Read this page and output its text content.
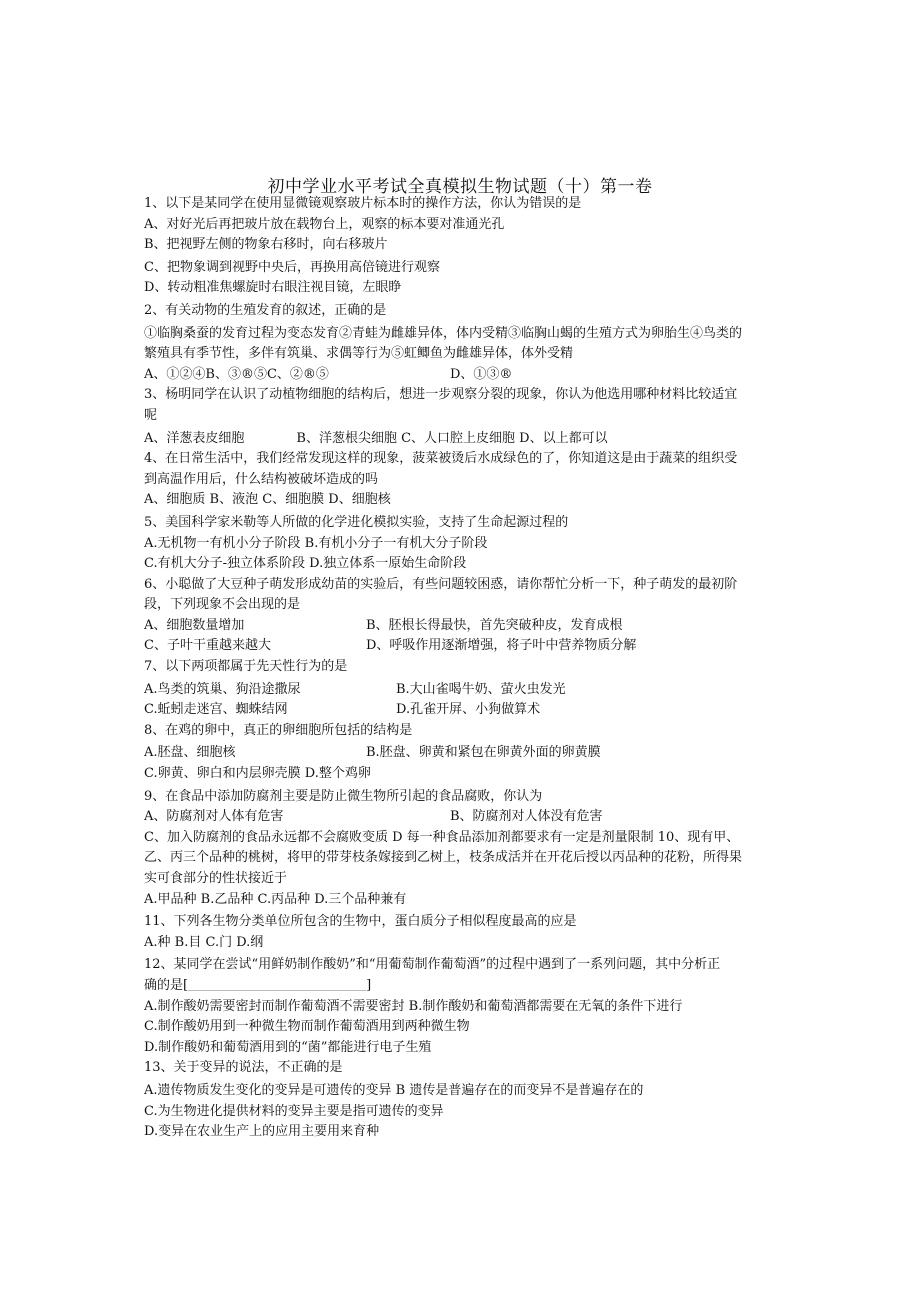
初中学业水平考试全真模拟生物试题（十）第一卷
1、以下是某同学在使用显微镜观察玻片标本时的操作方法，你认为错误的是
A、对好光后再把玻片放在载物台上，观察的标本要对准通光孔
B、把视野左侧的物象右移时，向右移玻片
C、把物象调到视野中央后，再换用高倍镜进行观察
D、转动粗准焦螺旋时右眼注视目镜，左眼睁
2、有关动物的生殖发育的叙述，正确的是
①临胸桑蚕的发育过程为变态发育②青蛙为雌雄异体，体内受精③临胸山蝎的生殖方式为卵胎生④鸟类的
繁殖具有季节性，多伴有筑巢、求偶等行为⑤虹鲫鱼为雌雄异体，体外受精
A、①②④B、③®⑤C、②®⑤	D、①③®
3、杨明同学在认识了动植物细胞的结构后，想进一步观察分裂的现象，你认为他选用哪种材料比较适宜
呢
A、洋葱表皮细胞　　　　B、洋葱根尖细胞 C、人口腔上皮细胞 D、以上都可以
4、在日常生活中，我们经常发现这样的现象，菠菜被烫后水成绿色的了，你知道这是由于蔬菜的组织受
到高温作用后，什么结构被破坏造成的吗
A、细胞质 B、液泡 C、细胞膜 D、细胞核
5、美国科学家米勒等人所做的化学进化模拟实验，支持了生命起源过程的
A.无机物一有机小分子阶段 B.有机小分子一有机大分子阶段
C.有机大分子-独立体系阶段 D.独立体系一原始生命阶段
6、小聪做了大豆种子萌发形成幼苗的实验后，有些问题较困惑，请你帮忙分析一下，种子萌发的最初阶
段，下列现象不会出现的是
A、细胞数量增加	B、胚根长得最快，首先突破种皮，发育成根
C、子叶干重越来越大	D、呼吸作用逐渐增强，将子叶中营养物质分解
7、以下两项都属于先天性行为的是
A.鸟类的筑巢、狗沿途撒尿	B.大山雀喝牛奶、萤火虫发光
C.蚯蚓走迷宫、蜘蛛结网	D.孔雀开屏、小狗做算术
8、在鸡的卵中，真正的卵细胞所包括的结构是
A.胚盘、细胞核	B.胚盘、卵黄和紧包在卵黄外面的卵黄膜
C.卵黄、卵白和内层卵壳膜 D.整个鸡卵
9、在食品中添加防腐剂主要是防止微生物所引起的食品腐败，你认为
A、防腐剂对人体有危害	B、防腐剂对人体没有危害
C、加入防腐剂的食品永远都不会腐败变质 D 每一种食品添加剂都要求有一定是剂量限制 10、现有甲、
乙、丙三个品种的桃树，将甲的带芽枝条嫁接到乙树上，枝条成活并在开花后授以丙品种的花粉，所得果
实可食部分的性状接近于
A.甲品种 B.乙品种 C.丙品种 D.三个品种兼有
11、下列各生物分类单位所包含的生物中，蛋白质分子相似程度最高的应是
A.种 B.目 C.门 D.纲
12、某同学在尝试“用鲜奶制作酸奶”和“用葡萄制作葡萄酒”的过程中遇到了一系列问题，其中分析正
确的是[	]
A.制作酸奶需要密封而制作葡萄酒不需要密封 B.制作酸奶和葡萄酒都需要在无氧的条件下进行
C.制作酸奶用到一种微生物而制作葡萄酒用到两种微生物
D.制作酸奶和葡萄酒用到的“菌”都能进行电子生殖
13、关于变异的说法，不正确的是
A.遗传物质发生变化的变异是可遗传的变异 B 遗传是普遍存在的而变异不是普遍存在的
C.为生物进化提供材料的变异主要是指可遗传的变异
D.变异在农业生产上的应用主要用来育种
